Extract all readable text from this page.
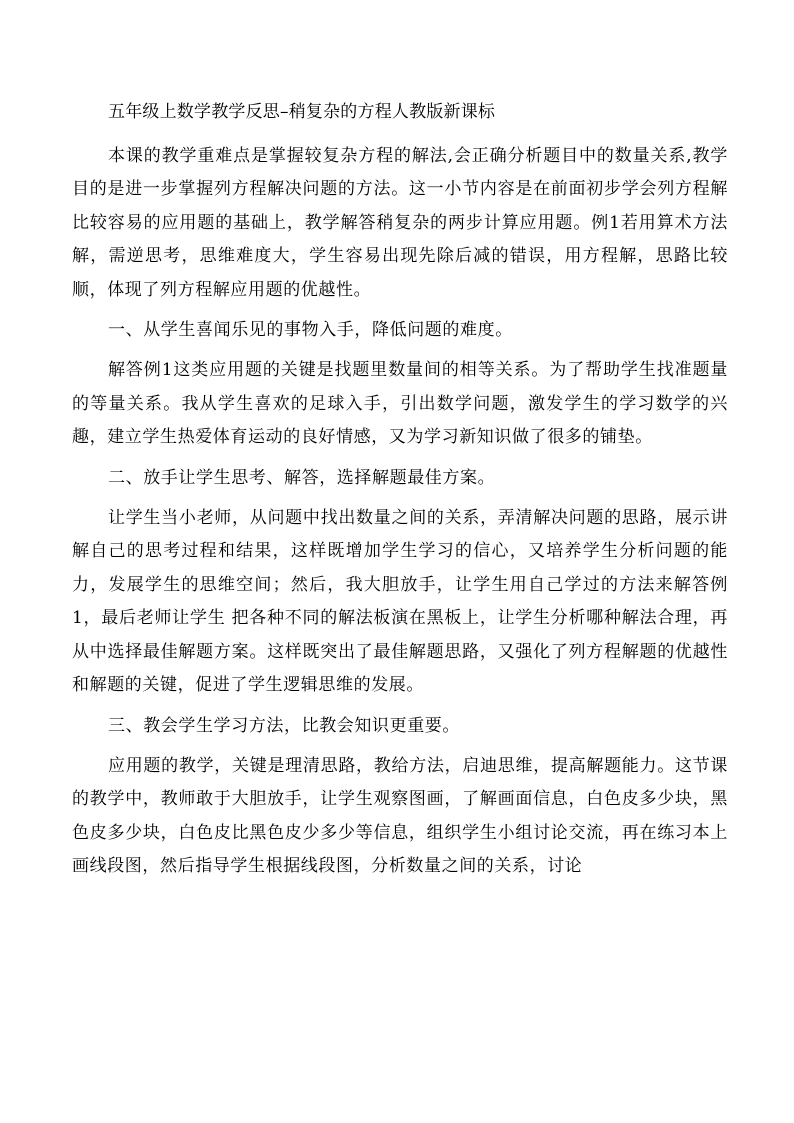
五年级上数学教学反思–稍复杂的方程人教版新课标

本课的教学重难点是掌握较复杂方程的解法,会正确分析题目中的数量关系,教学目的是进一步掌握列方程解决问题的方法。这一小节内容是在前面初步学会列方程解比较容易的应用题的基础上，教学解答稍复杂的两步计算应用题。例1若用算术方法解，需逆思考，思维难度大，学生容易出现先除后减的错误，用方程解，思路比较顺，体现了列方程解应用题的优越性。

一、从学生喜闻乐见的事物入手，降低问题的难度。

解答例1这类应用题的关键是找题里数量间的相等关系。为了帮助学生找准题量的等量关系。我从学生喜欢的足球入手，引出数学问题，激发学生的学习数学的兴趣，建立学生热爱体育运动的良好情感，又为学习新知识做了很多的铺垫。

二、放手让学生思考、解答，选择解题最佳方案。

让学生当小老师，从问题中找出数量之间的关系，弄清解决问题的思路，展示讲解自己的思考过程和结果，这样既增加学生学习的信心，又培养学生分析问题的能力，发展学生的思维空间；然后，我大胆放手，让学生用自己学过的方法来解答例1，最后老师让学生 把各种不同的解法板演在黑板上，让学生分析哪种解法合理，再从中选择最佳解题方案。这样既突出了最佳解题思路，又强化了列方程解题的优越性和解题的关键，促进了学生逻辑思维的发展。

三、教会学生学习方法，比教会知识更重要。

应用题的教学，关键是理清思路，教给方法，启迪思维，提高解题能力。这节课的教学中，教师敢于大胆放手，让学生观察图画，了解画面信息，白色皮多少块，黑色皮多少块，白色皮比黑色皮少多少等信息，组织学生小组讨论交流，再在练习本上画线段图，然后指导学生根据线段图，分析数量之间的关系，讨论
